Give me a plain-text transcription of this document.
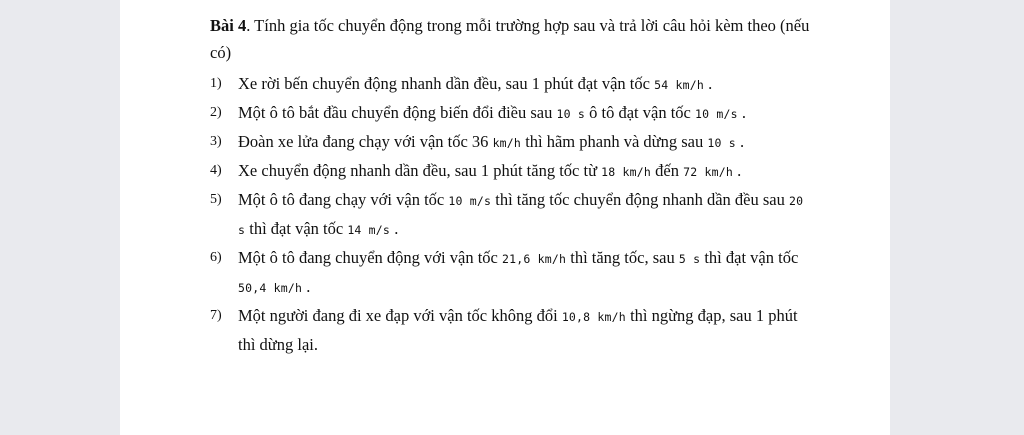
Bài 4. Tính gia tốc chuyển động trong mỗi trường hợp sau và trả lời câu hỏi kèm theo (nếu có)

1) Xe rời bến chuyển động nhanh dần đều, sau 1 phút đạt vận tốc 54 km/h .
2) Một ô tô bắt đầu chuyển động biến đổi điều sau 10 s ô tô đạt vận tốc 10 m/s .
3) Đoàn xe lửa đang chạy với vận tốc 36 km/h thì hãm phanh và dừng sau 10 s .
4) Xe chuyển động nhanh dần đều, sau 1 phút tăng tốc từ 18 km/h đến 72 km/h .
5) Một ô tô đang chạy với vận tốc 10 m/s thì tăng tốc chuyển động nhanh dần đều sau 20 s thì đạt vận tốc 14 m/s .
6) Một ô tô đang chuyển động với vận tốc 21,6 km/h thì tăng tốc, sau 5 s thì đạt vận tốc 50,4 km/h .
7) Một người đang đi xe đạp với vận tốc không đổi 10,8 km/h thì ngừng đạp, sau 1 phút thì dừng lại.
